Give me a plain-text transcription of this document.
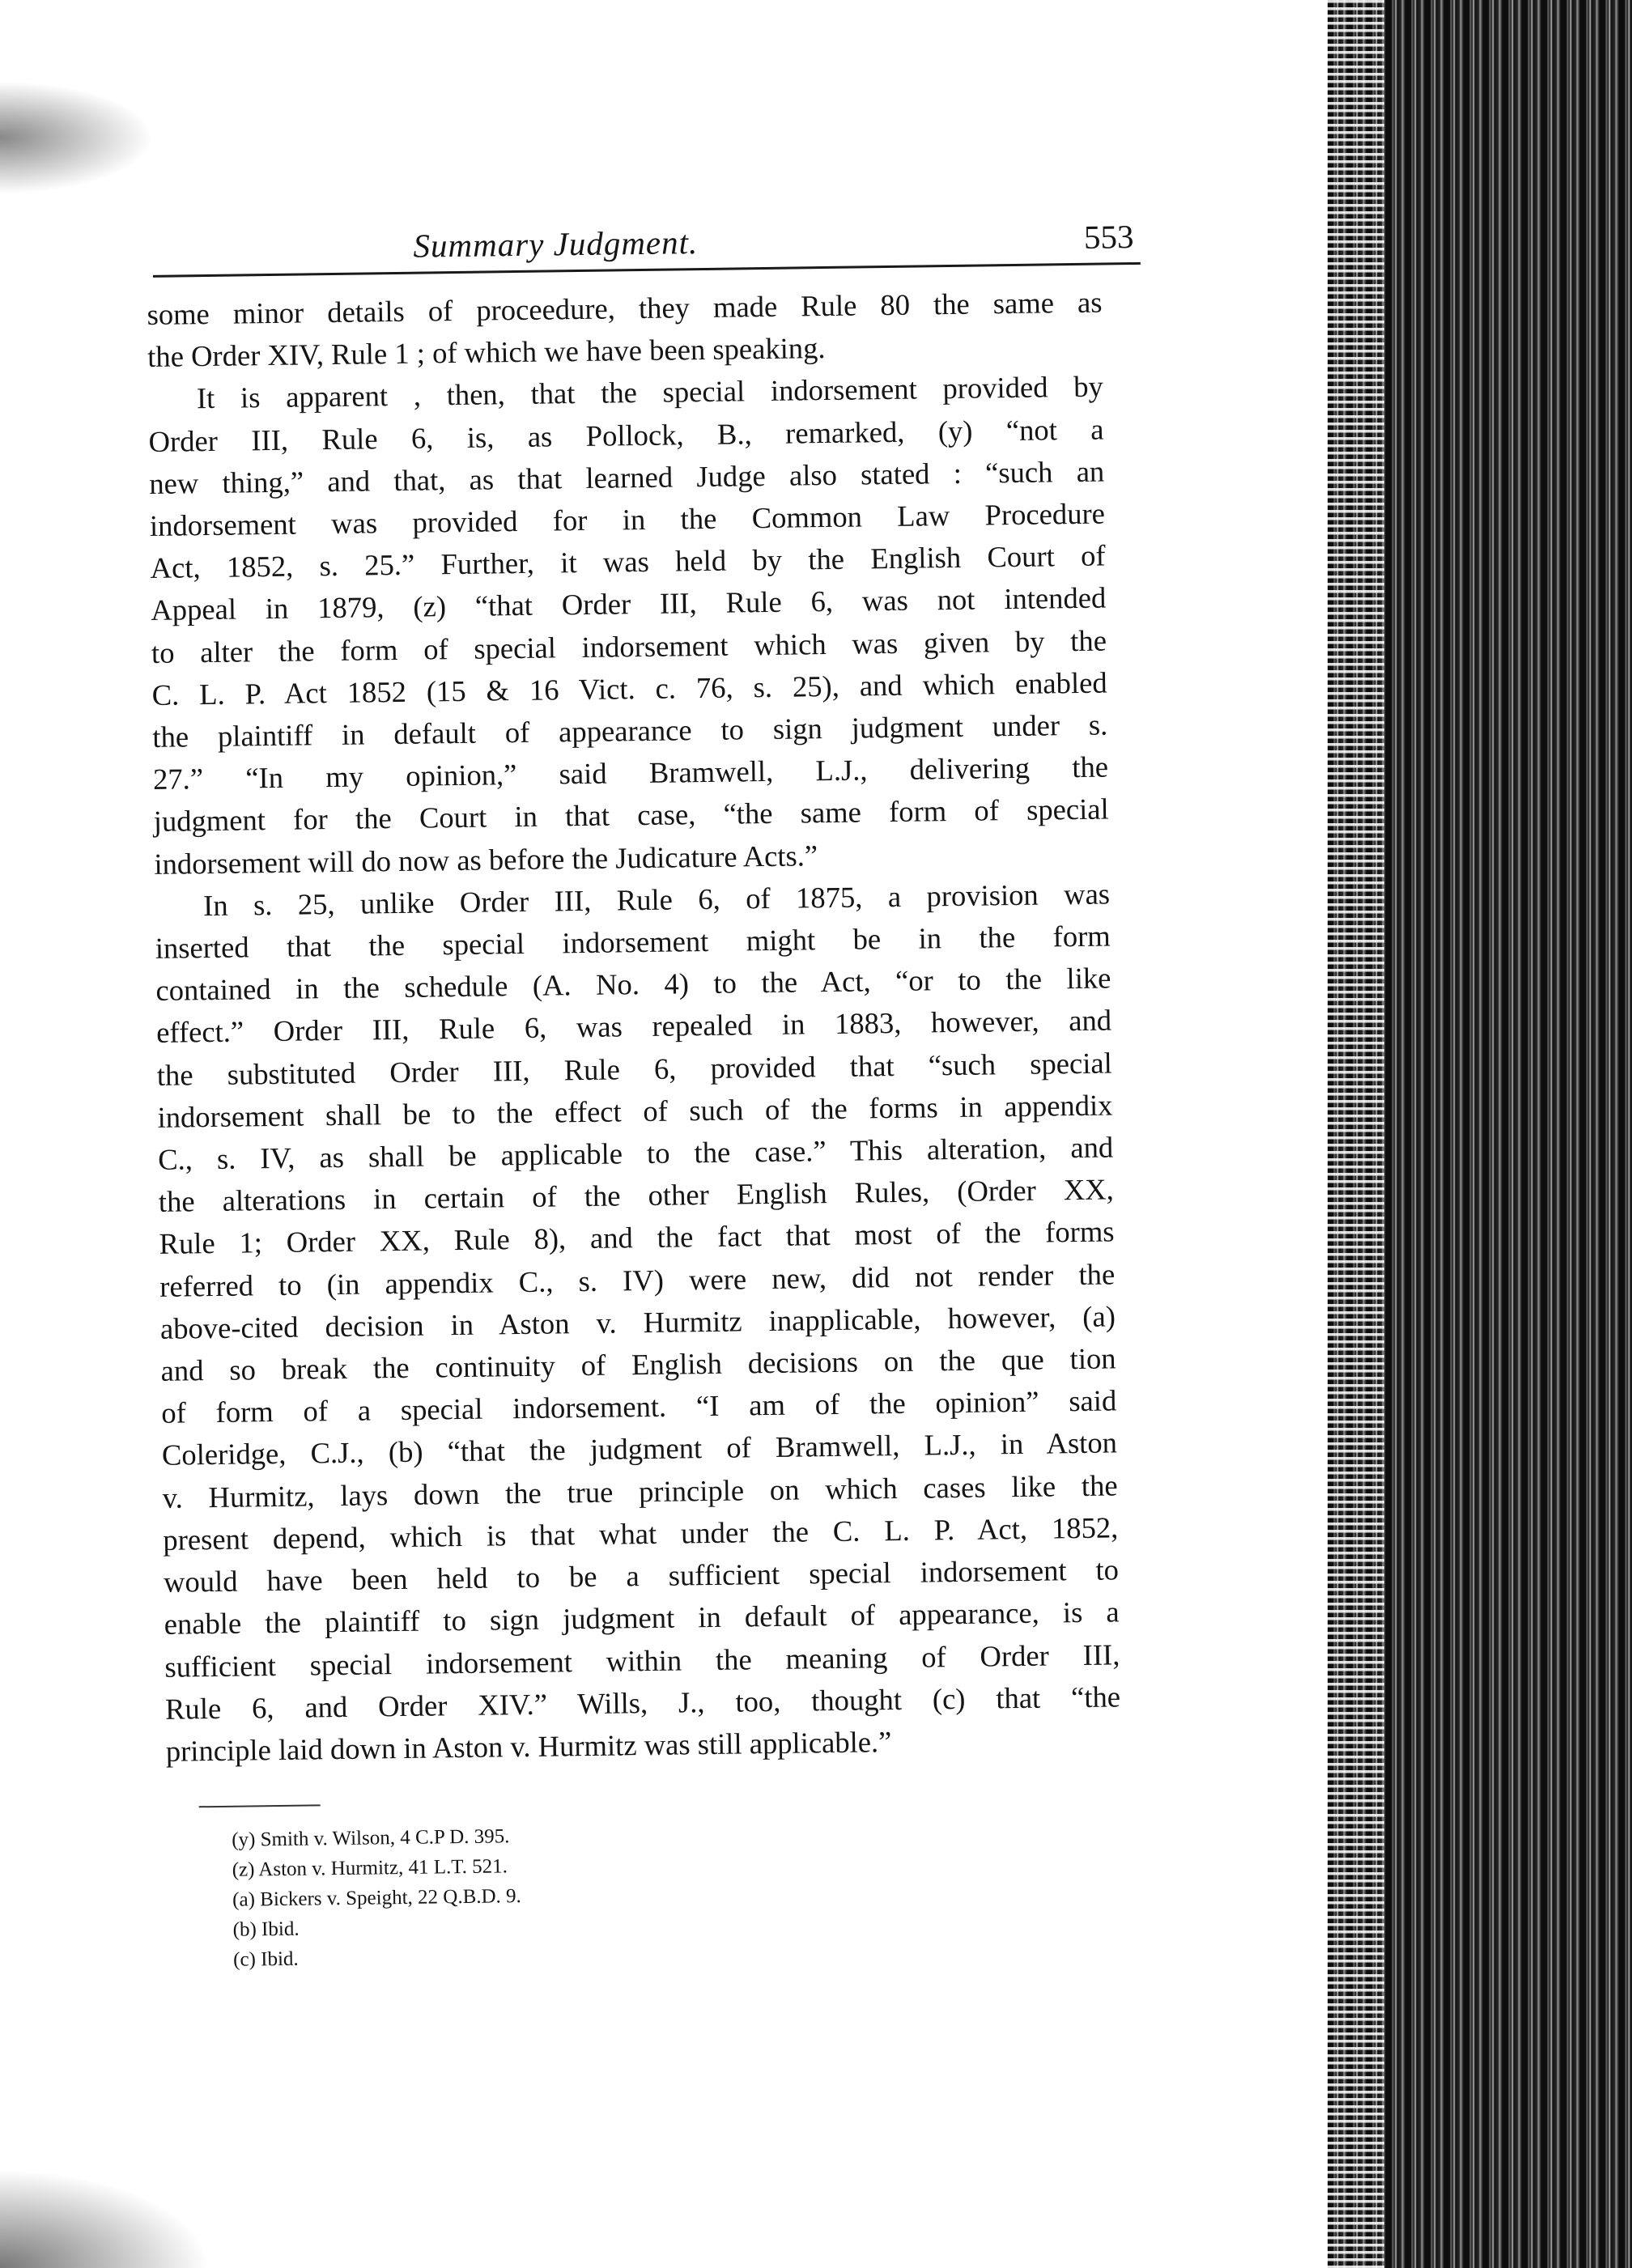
Summary Judgment.	553

some minor details of proceedure, they made Rule 80 the same as

the Order XIV, Rule 1 ; of which we have been speaking.

It is apparent , then, that the special indorsement provided by

Order III, Rule 6, is, as Pollock, B., remarked, (y) “not a

new thing,” and that, as that learned Judge also stated : “such an

indorsement was provided for in the Common Law Procedure

Act, 1852, s. 25.” Further, it was held by the English Court of

Appeal in 1879, (z) “that Order III, Rule 6, was not intended

to alter the form of special indorsement which was given by the

C. L. P. Act 1852 (15 & 16 Vict. c. 76, s. 25), and which enabled

the plaintiff in default of appearance to sign judgment under s.

27.” “In my opinion,” said Bramwell, L.J., delivering the

judgment for the Court in that case, “the same form of special

indorsement will do now as before the Judicature Acts.”

In s. 25, unlike Order III, Rule 6, of 1875, a provision was

inserted that the special indorsement might be in the form

contained in the schedule (A. No. 4) to the Act, “or to the like

effect.” Order III, Rule 6, was repealed in 1883, however, and

the substituted Order III, Rule 6, provided that “such special

indorsement shall be to the effect of such of the forms in appendix

C., s. IV, as shall be applicable to the case.” This alteration, and

the alterations in certain of the other English Rules, (Order XX,

Rule 1; Order XX, Rule 8), and the fact that most of the forms

referred to (in appendix C., s. IV) were new, did not render the

above-cited decision in Aston v. Hurmitz inapplicable, however, (a)

and so break the continuity of English decisions on the que tion

of form of a special indorsement. “I am of the opinion” said

Coleridge, C.J., (b) “that the judgment of Bramwell, L.J., in Aston

v. Hurmitz, lays down the true principle on which cases like the

present depend, which is that what under the C. L. P. Act, 1852,

would have been held to be a sufficient special indorsement to

enable the plaintiff to sign judgment in default of appearance, is a

sufficient special indorsement within the meaning of Order III,

Rule 6, and Order XIV.” Wills, J., too, thought (c) that “the

principle laid down in Aston v. Hurmitz was still applicable.”

(y) Smith v. Wilson, 4 C.P D. 395.
(z) Aston v. Hurmitz, 41 L.T. 521.
(a) Bickers v. Speight, 22 Q.B.D. 9.
(b) Ibid.
(c) Ibid.
